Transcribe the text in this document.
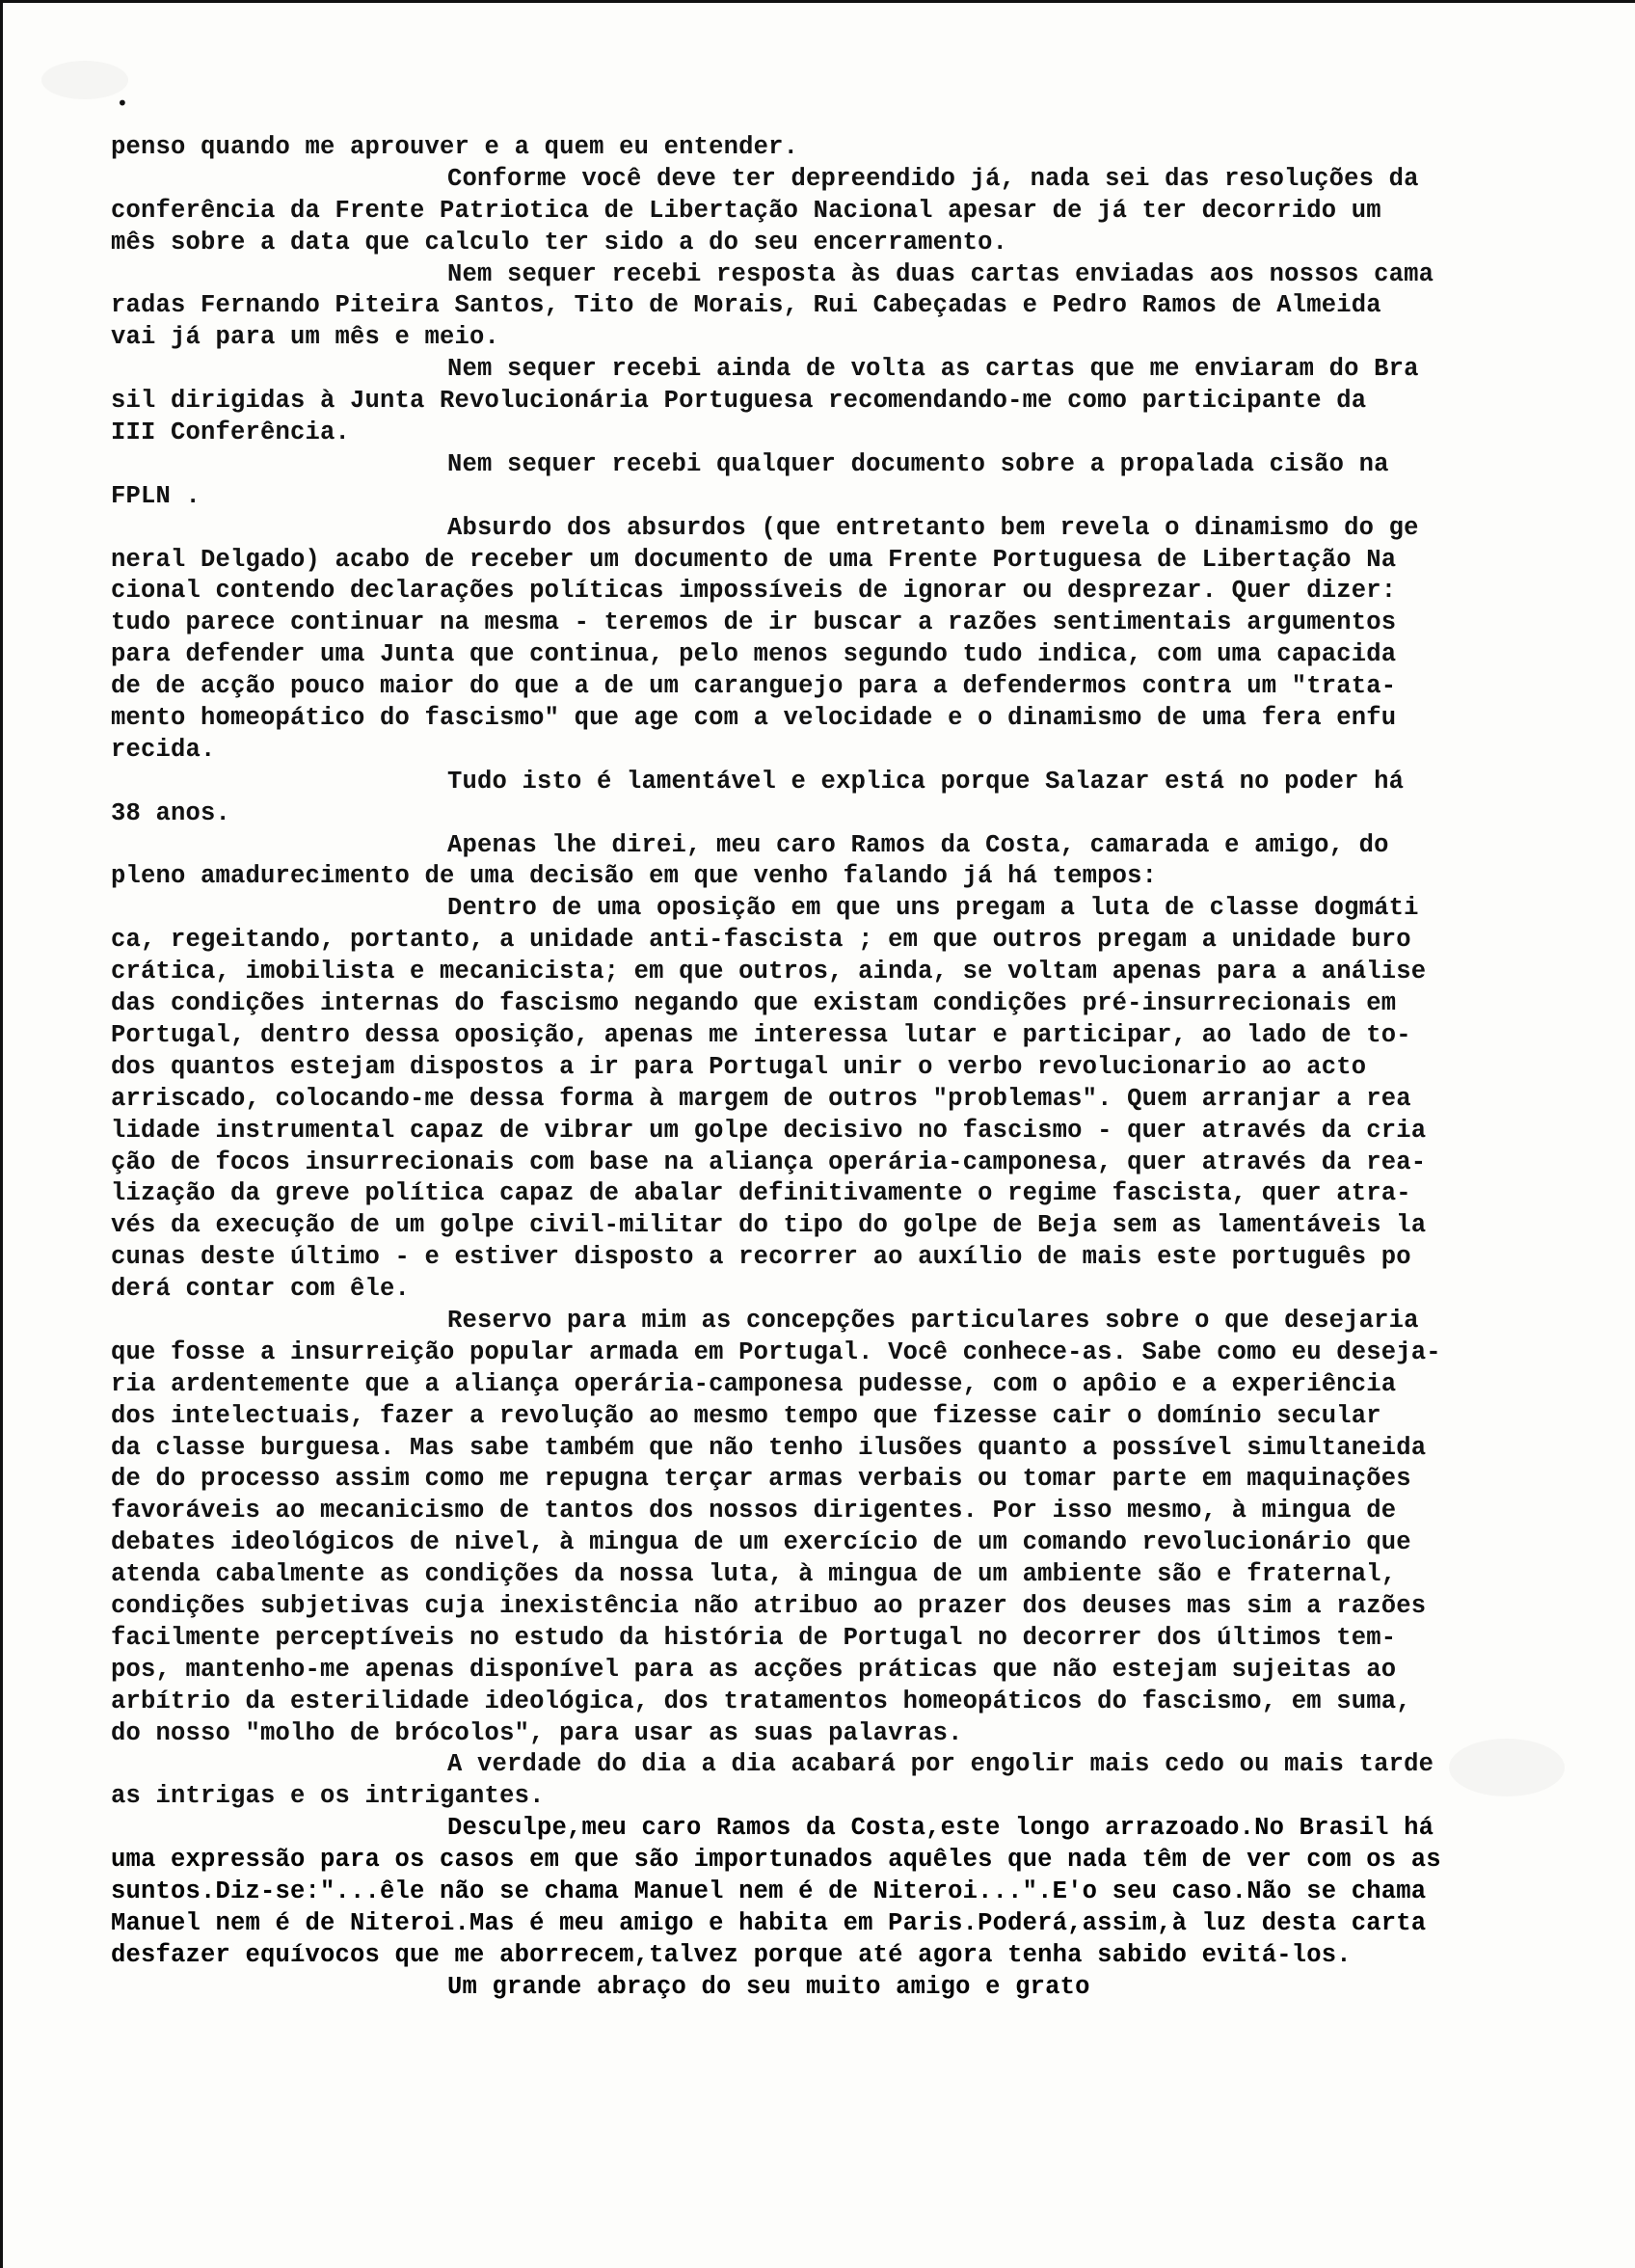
•
penso quando me aprouver e a quem eu entender.
Conforme você deve ter depreendido já, nada sei das resoluções da
conferência da Frente Patriotica de Libertação Nacional apesar de já ter decorrido um
mês sobre a data que calculo ter sido a do seu encerramento.
Nem sequer recebi resposta às duas cartas enviadas aos nossos cama
radas Fernando Piteira Santos, Tito de Morais, Rui Cabeçadas e Pedro Ramos de Almeida
vai já para um mês e meio.
Nem sequer recebi ainda de volta as cartas que me enviaram do Bra
sil dirigidas à Junta Revolucionária Portuguesa recomendando-me como participante da
III Conferência.
Nem sequer recebi qualquer documento sobre a propalada cisão na
FPLN .
Absurdo dos absurdos (que entretanto bem revela o dinamismo do ge
neral Delgado) acabo de receber um documento de uma Frente Portuguesa de Libertação Na
cional contendo declarações políticas impossíveis de ignorar ou desprezar. Quer dizer:
tudo parece continuar na mesma - teremos de ir buscar a razões sentimentais argumentos
para defender uma Junta que continua, pelo menos segundo tudo indica, com uma capacida
de de acção pouco maior do que a de um caranguejo para a defendermos contra um "trata-
mento homeopático do fascismo" que age com a velocidade e o dinamismo de uma fera enfu
recida.
Tudo isto é lamentável e explica porque Salazar está no poder há
38 anos.
Apenas lhe direi, meu caro Ramos da Costa, camarada e amigo, do
pleno amadurecimento de uma decisão em que venho falando já há tempos:
Dentro de uma oposição em que uns pregam a luta de classe dogmáti
ca, regeitando, portanto, a unidade anti-fascista ; em que outros pregam a unidade buro
crática, imobilista e mecanicista; em que outros, ainda, se voltam apenas para a análise
das condições internas do fascismo negando que existam condições pré-insurrecionais em
Portugal, dentro dessa oposição, apenas me interessa lutar e participar, ao lado de to-
dos quantos estejam dispostos a ir para Portugal unir o verbo revolucionario ao acto
arriscado, colocando-me dessa forma à margem de outros "problemas". Quem arranjar a rea
lidade instrumental capaz de vibrar um golpe decisivo no fascismo - quer através da cria
ção de focos insurrecionais com base na aliança operária-camponesa, quer através da rea-
lização da greve política capaz de abalar definitivamente o regime fascista, quer atra-
vés da execução de um golpe civil-militar do tipo do golpe de Beja sem as lamentáveis la
cunas deste último - e estiver disposto a recorrer ao auxílio de mais este português po
derá contar com êle.
Reservo para mim as concepções particulares sobre o que desejaria
que fosse a insurreição popular armada em Portugal. Você conhece-as. Sabe como eu deseja-
ria ardentemente que a aliança operária-camponesa pudesse, com o apôio e a experiência
dos intelectuais, fazer a revolução ao mesmo tempo que fizesse cair o domínio secular
da classe burguesa. Mas sabe também que não tenho ilusões quanto a possível simultaneida
de do processo assim como me repugna terçar armas verbais ou tomar parte em maquinações
favoráveis ao mecanicismo de tantos dos nossos dirigentes. Por isso mesmo, à mingua de
debates ideológicos de nivel, à mingua de um exercício de um comando revolucionário que
atenda cabalmente as condições da nossa luta, à mingua de um ambiente são e fraternal,
condições subjetivas cuja inexistência não atribuo ao prazer dos deuses mas sim a razões
facilmente perceptíveis no estudo da história de Portugal no decorrer dos últimos tem-
pos, mantenho-me apenas disponível para as acções práticas que não estejam sujeitas ao
arbítrio da esterilidade ideológica, dos tratamentos homeopáticos do fascismo, em suma,
do nosso "molho de brócolos", para usar as suas palavras.
A verdade do dia a dia acabará por engolir mais cedo ou mais tarde
as intrigas e os intrigantes.
Desculpe,meu caro Ramos da Costa,este longo arrazoado.No Brasil há
uma expressão para os casos em que são importunados aquêles que nada têm de ver com os as
suntos.Diz-se:"...êle não se chama Manuel nem é de Niteroi...".E'o seu caso.Não se chama
Manuel nem é de Niteroi.Mas é meu amigo e habita em Paris.Poderá,assim,à luz desta carta
desfazer equívocos que me aborrecem,talvez porque até agora tenha sabido evitá-los.
Um grande abraço do seu muito amigo e grato
